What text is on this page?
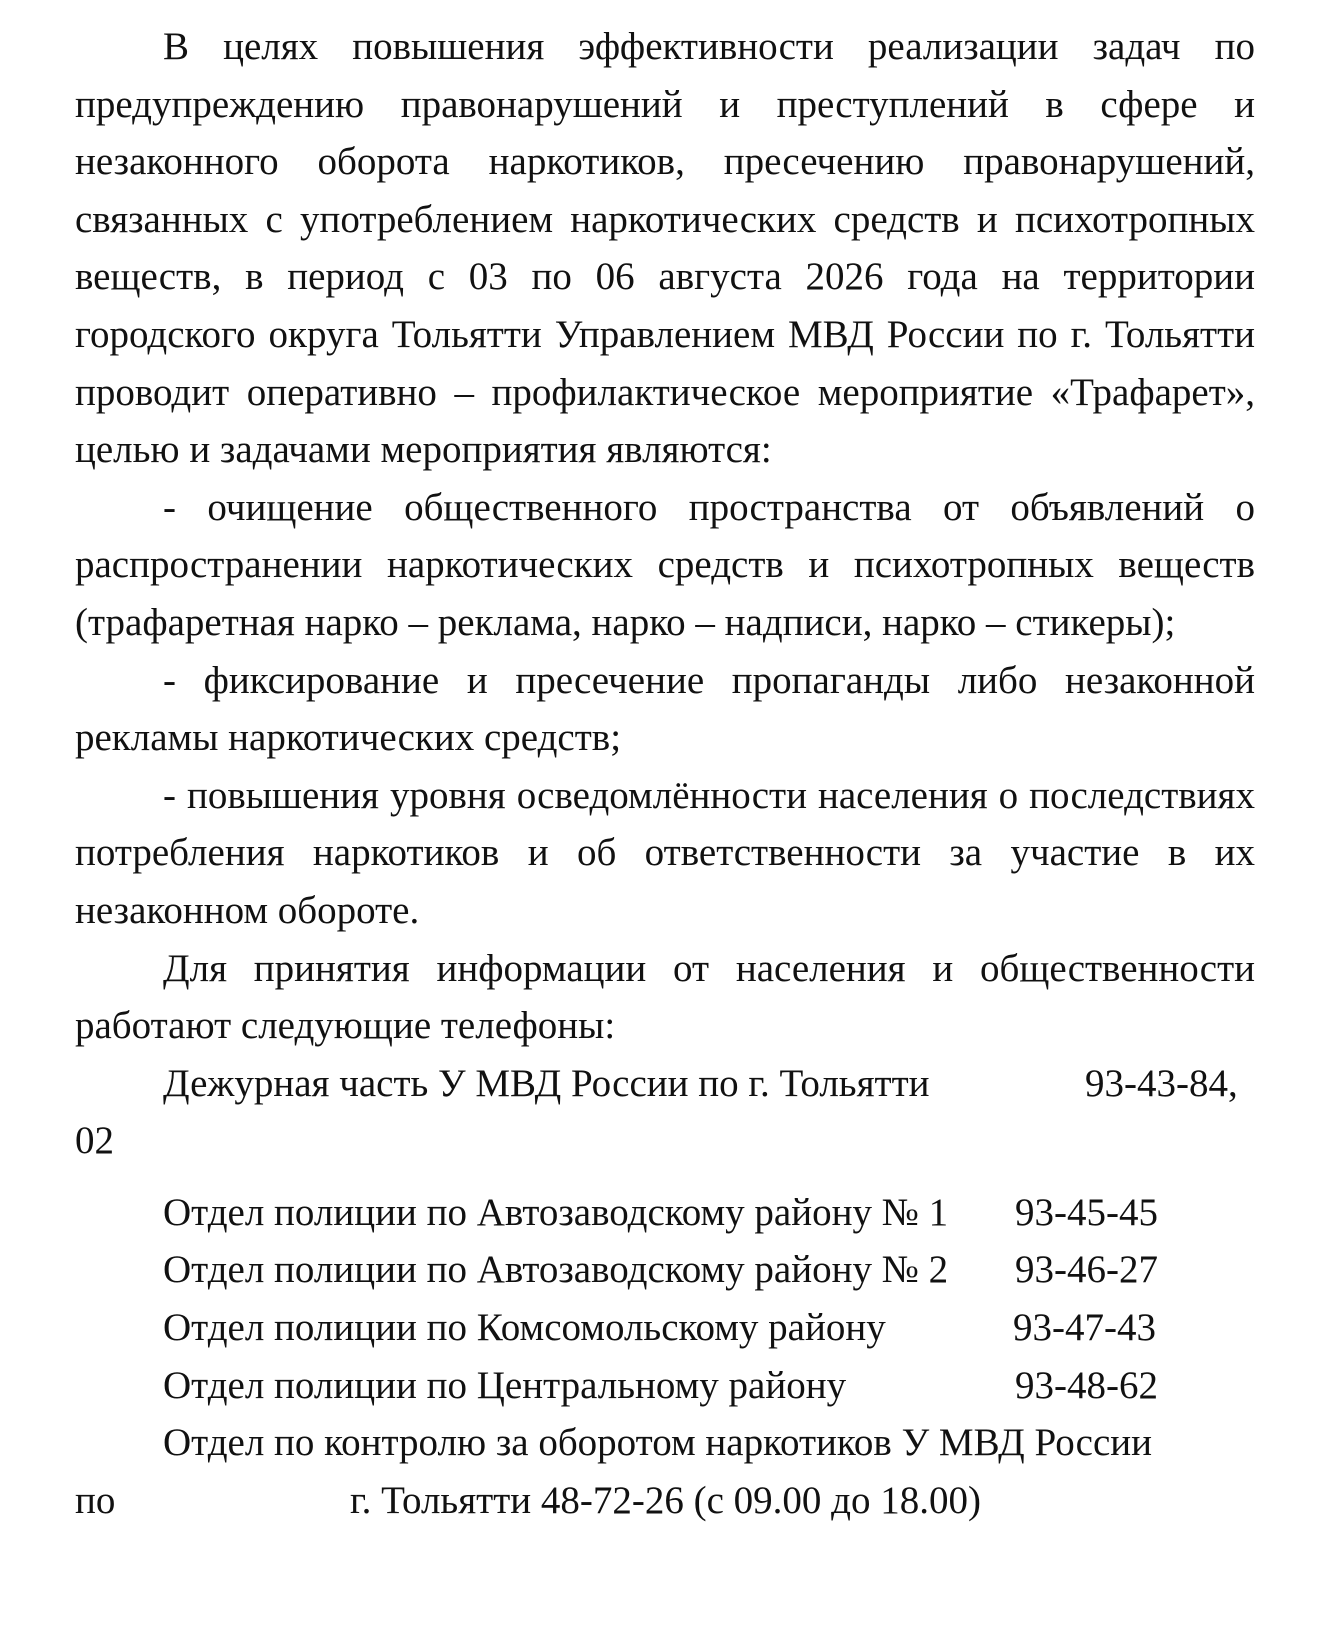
В целях повышения эффективности реализации задач по предупреждению правонарушений и преступлений в сфере и незаконного оборота наркотиков, пресечению правонарушений, связанных с употреблением наркотических средств и психотропных веществ, в период с 03 по 06 августа 2026 года на территории городского округа Тольятти Управлением МВД России по г. Тольятти проводит оперативно – профилактическое мероприятие «Трафарет», целью и задачами мероприятия являются:

- очищение общественного пространства от объявлений о распространении наркотических средств и психотропных веществ (трафаретная нарко – реклама, нарко – надписи, нарко – стикеры);

- фиксирование и пресечение пропаганды либо незаконной рекламы наркотических средств;

- повышения уровня осведомлённости населения о последствиях потребления наркотиков и об ответственности за участие в их незаконном обороте.

Для принятия информации от населения и общественности работают следующие телефоны:

Дежурная часть У МВД России по г. Тольятти	93-43-84,
02
Отдел полиции по Автозаводскому району № 1 93-45-45
Отдел полиции по Автозаводскому району № 2 93-46-27
Отдел полиции по Комсомольскому району	93-47-43
Отдел полиции по Центральному району	93-48-62

Отдел по контролю за оборотом наркотиков У МВД России

по	г. Тольятти 48-72-26 (с 09.00 до 18.00)
